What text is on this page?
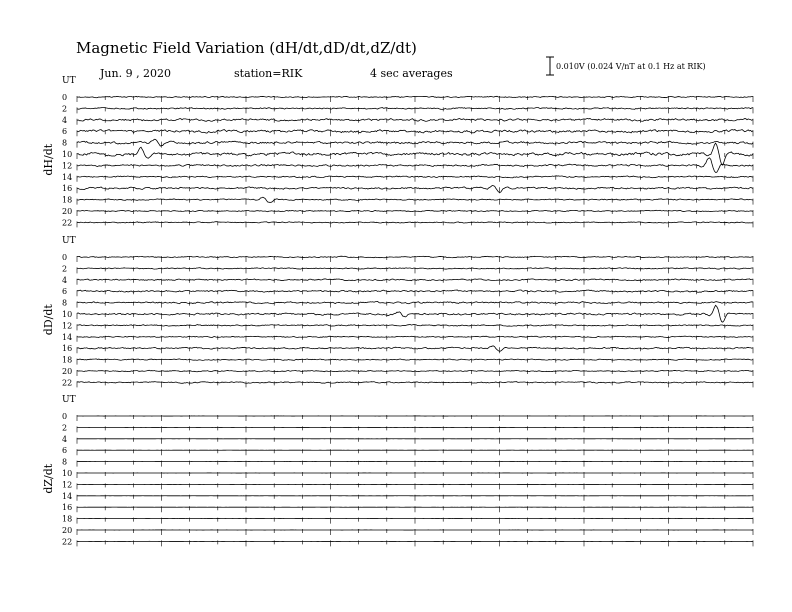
Magnetic Field Variation (dH/dt,dD/dt,dZ/dt)
Jun. 9 , 2020	station=RIK	4 sec averages
0.010V (0.024 V/nT at 0.1 Hz at RIK)
UT
dH/dt
0
2
4
6
8
10
12
14
16
18
20
22
UT
dD/dt
0
2
4
6
8
10
12
14
16
18
20
22
UT
dZ/dt
0
2
4
6
8
10
12
14
16
18
20
22
